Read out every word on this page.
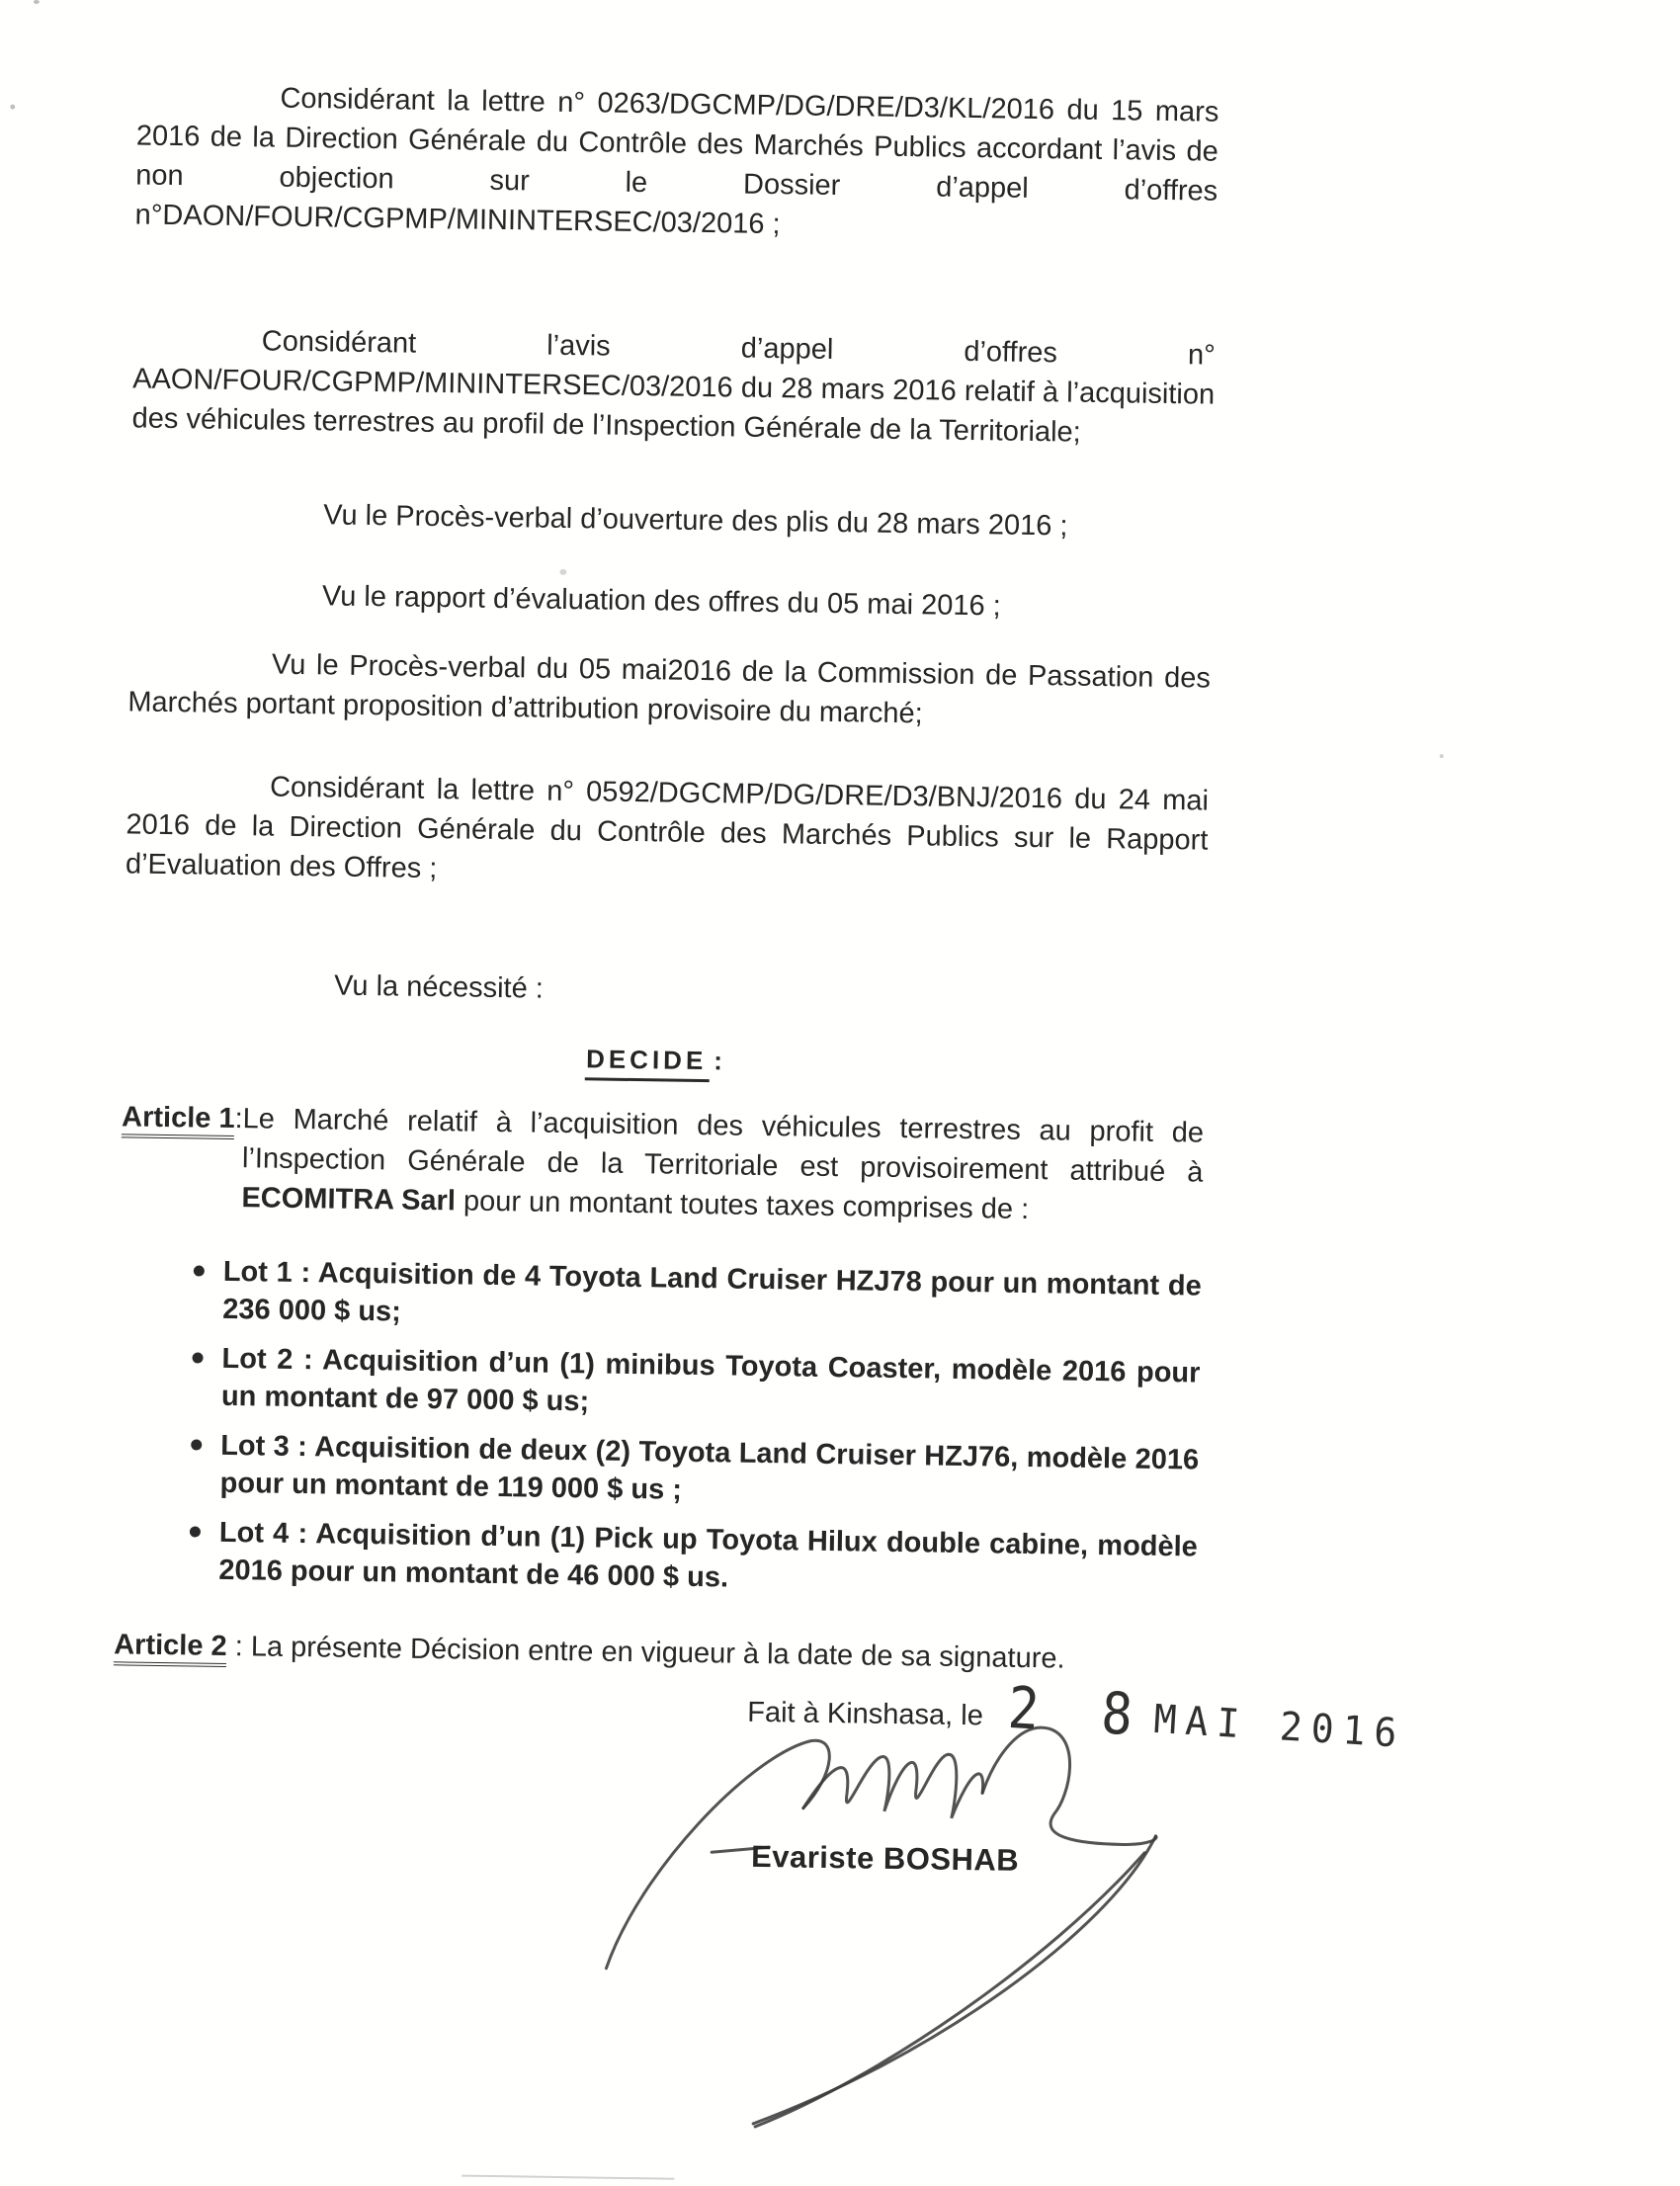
Considérant la lettre n° 0263/DGCMP/DG/DRE/D3/KL/2016 du 15 mars 2016 de la Direction Générale du Contrôle des Marchés Publics accordant l’avis de non objection sur le Dossier d’appel d’offres n°DAON/FOUR/CGPMP/MININTERSEC/03/2016 ;

Considérant l’avis d’appel d’offres n° AAON/FOUR/CGPMP/MININTERSEC/03/2016 du 28 mars 2016 relatif à l’acquisition des véhicules terrestres au profil de l’Inspection Générale de la Territoriale;

Vu le Procès-verbal d’ouverture des plis du 28 mars 2016 ;

Vu le rapport d’évaluation des offres du 05 mai 2016 ;

Vu le Procès-verbal du 05 mai2016 de la Commission de Passation des Marchés portant proposition d’attribution provisoire du marché;

Considérant la lettre n° 0592/DGCMP/DG/DRE/D3/BNJ/2016 du 24 mai 2016 de la Direction Générale du Contrôle des Marchés Publics sur le Rapport d’Evaluation des Offres ;

Vu la nécessité :

DECIDE :
Article 1: Le Marché relatif à l’acquisition des véhicules terrestres au profit de l’Inspection Générale de la Territoriale est provisoirement attribué à ECOMITRA Sarl pour un montant toutes taxes comprises de :
Lot 1 : Acquisition de 4 Toyota Land Cruiser HZJ78 pour un montant de 236 000 $ us;
Lot 2 : Acquisition d’un (1) minibus Toyota Coaster, modèle 2016 pour un montant de 97 000 $ us;
Lot 3 : Acquisition de deux (2) Toyota Land Cruiser HZJ76, modèle 2016 pour un montant de 119 000 $ us ;
Lot 4 : Acquisition d’un (1) Pick up Toyota Hilux double cabine, modèle 2016 pour un montant de 46 000 $ us.

Article 2 : La présente Décision entre en vigueur à la date de sa signature.

Fait à Kinshasa, le 2 8MAI 2016
Evariste BOSHAB
